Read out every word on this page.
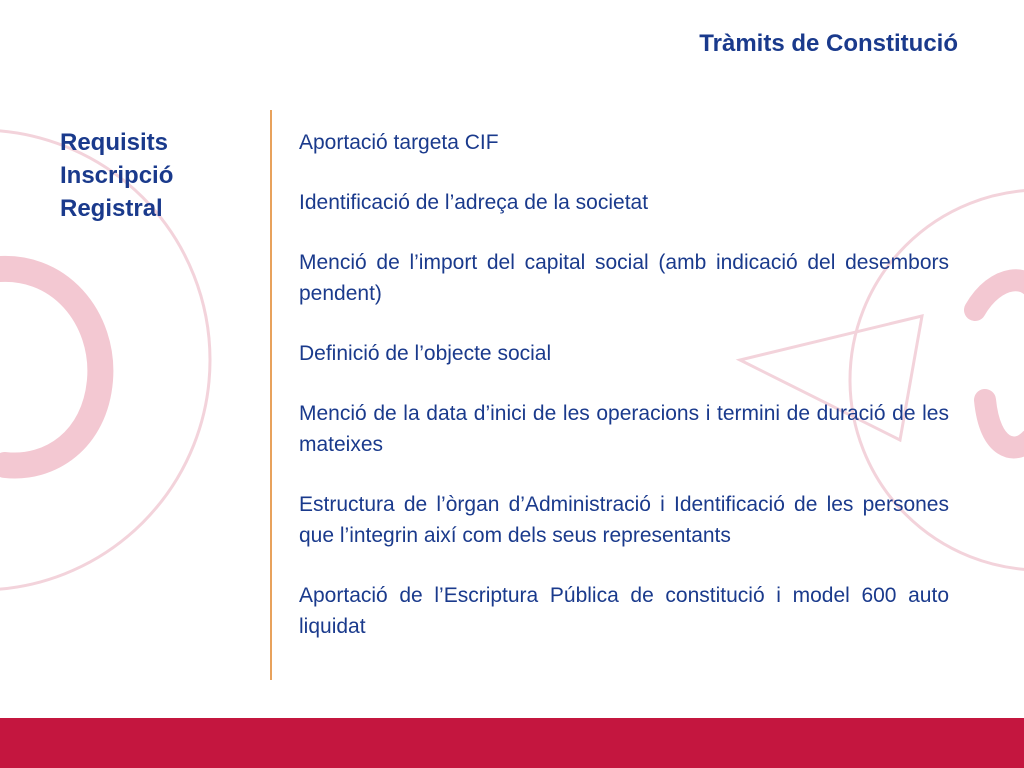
Tràmits de Constitució
Requisits
Inscripció
Registral

Aportació targeta CIF

Identificació de l’adreça de la societat

Menció de l’import del capital social (amb indicació del desembors pendent)

Definició de l’objecte social

Menció de la data d’inici de les operacions i termini de duració de les mateixes

Estructura de l’òrgan d’Administració i Identificació de les persones que l’integrin així com dels seus representants

Aportació de l’Escriptura Pública de constitució i model 600 auto liquidat
